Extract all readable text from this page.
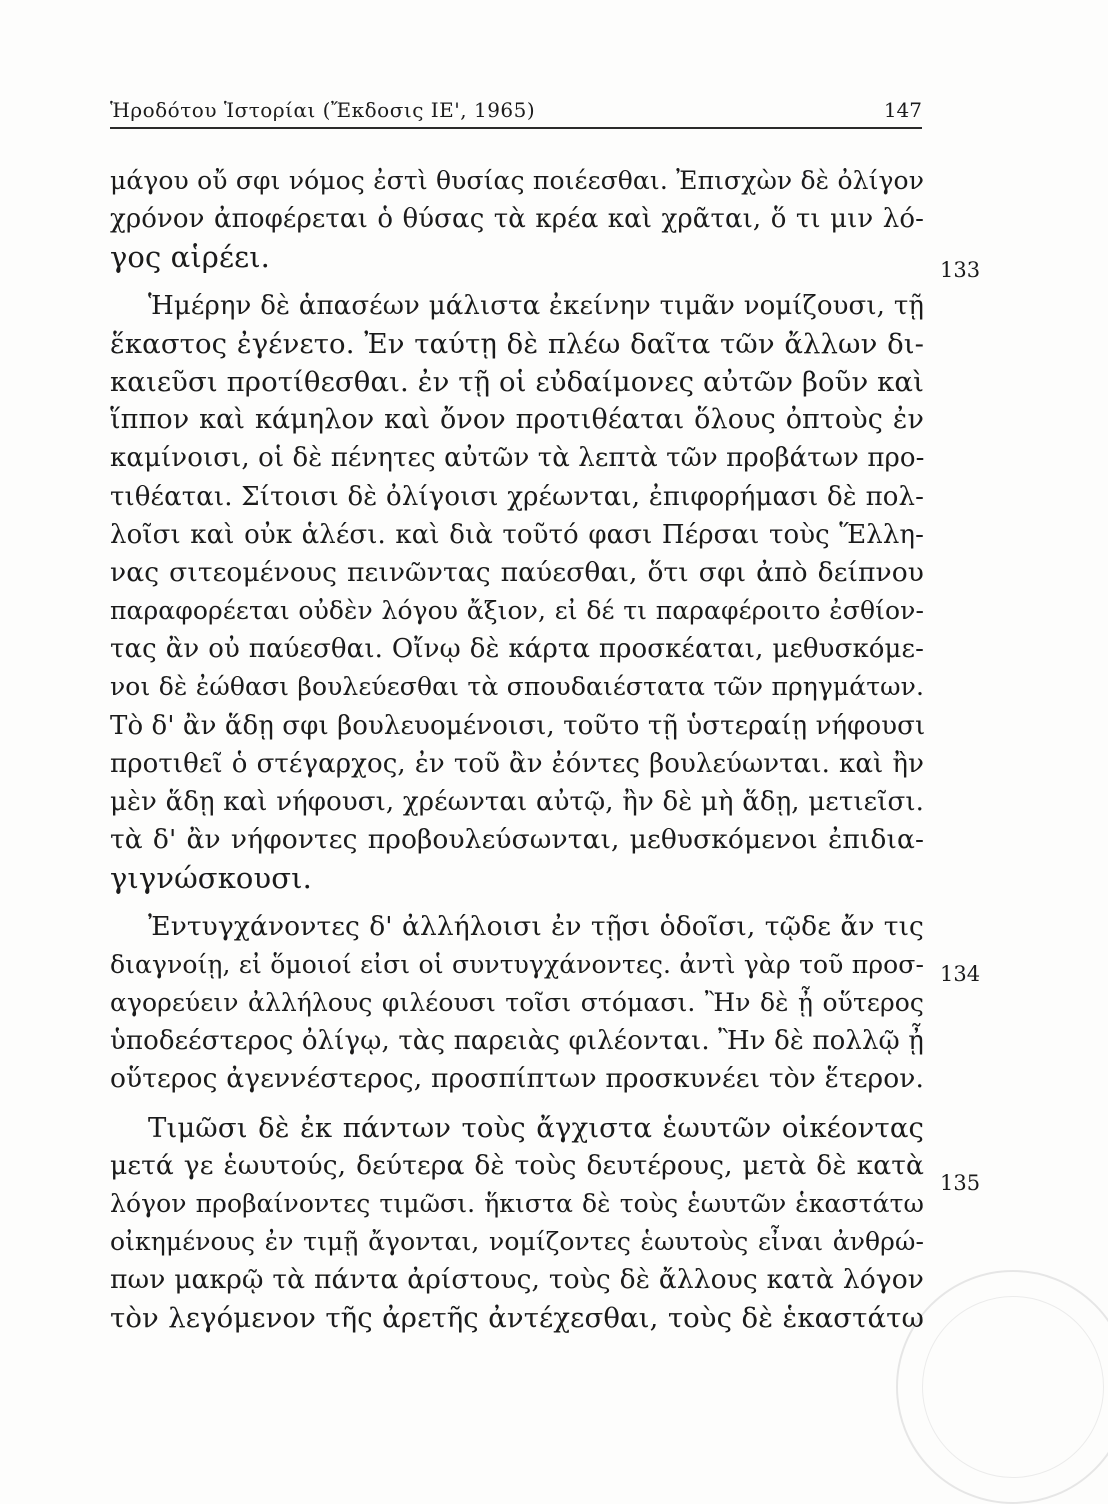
Ἡροδότου Ἱστορίαι (Ἔκδοσις ΙΕ', 1965)	147
μάγου οὔ σφι νόμος ἐστὶ θυσίας ποιέεσθαι. Ἐπισχὼν δὲ ὀλίγον
χρόνον ἀποφέρεται ὁ θύσας τὰ κρέα καὶ χρᾶται, ὅ τι μιν λό-
γος αἱρέει.
Ἡμέρην δὲ ἁπασέων μάλιστα ἐκείνην τιμᾶν νομίζουσι, τῇ
ἕκαστος ἐγένετο. Ἐν ταύτῃ δὲ πλέω δαῖτα τῶν ἄλλων δι-
καιεῦσι προτίθεσθαι. ἐν τῇ οἱ εὐδαίμονες αὐτῶν βοῦν καὶ
ἵππον καὶ κάμηλον καὶ ὄνον προτιθέαται ὅλους ὀπτοὺς ἐν
καμίνοισι, οἱ δὲ πένητες αὐτῶν τὰ λεπτὰ τῶν προβάτων προ-
τιθέαται. Σίτοισι δὲ ὀλίγοισι χρέωνται, ἐπιφορήμασι δὲ πολ-
λοῖσι καὶ οὐκ ἁλέσι. καὶ διὰ τοῦτό φασι Πέρσαι τοὺς Ἕλλη-
νας σιτεομένους πεινῶντας παύεσθαι, ὅτι σφι ἀπὸ δείπνου
παραφορέεται οὐδὲν λόγου ἄξιον, εἰ δέ τι παραφέροιτο ἐσθίον-
τας ἂν οὐ παύεσθαι. Οἴνῳ δὲ κάρτα προσκέαται, μεθυσκόμε-
νοι δὲ ἐώθασι βουλεύεσθαι τὰ σπουδαιέστατα τῶν πρηγμάτων.
Τὸ δ' ἂν ἅδῃ σφι βουλευομένοισι, τοῦτο τῇ ὑστεραίῃ νήφουσι
προτιθεῖ ὁ στέγαρχος, ἐν τοῦ ἂν ἐόντες βουλεύωνται. καὶ ἢν
μὲν ἅδῃ καὶ νήφουσι, χρέωνται αὐτῷ, ἢν δὲ μὴ ἅδῃ, μετιεῖσι.
τὰ δ' ἂν νήφοντες προβουλεύσωνται, μεθυσκόμενοι ἐπιδια-
γιγνώσκουσι.
Ἐντυγχάνοντες δ' ἀλλήλοισι ἐν τῇσι ὁδοῖσι, τῷδε ἄν τις
διαγνοίῃ, εἰ ὅμοιοί εἰσι οἱ συντυγχάνοντες. ἀντὶ γὰρ τοῦ προσ-
αγορεύειν ἀλλήλους φιλέουσι τοῖσι στόμασι. Ἢν δὲ ᾖ οὕτερος
ὑποδεέστερος ὀλίγῳ, τὰς παρειὰς φιλέονται. Ἢν δὲ πολλῷ ᾖ
οὕτερος ἀγεννέστερος, προσπίπτων προσκυνέει τὸν ἕτερον.
Τιμῶσι δὲ ἐκ πάντων τοὺς ἄγχιστα ἑωυτῶν οἰκέοντας
μετά γε ἑωυτούς, δεύτερα δὲ τοὺς δευτέρους, μετὰ δὲ κατὰ
λόγον προβαίνοντες τιμῶσι. ἥκιστα δὲ τοὺς ἑωυτῶν ἑκαστάτω
οἰκημένους ἐν τιμῇ ἄγονται, νομίζοντες ἑωυτοὺς εἶναι ἀνθρώ-
πων μακρῷ τὰ πάντα ἀρίστους, τοὺς δὲ ἄλλους κατὰ λόγον
τὸν λεγόμενον τῆς ἀρετῆς ἀντέχεσθαι, τοὺς δὲ ἑκαστάτω
133
134
135
